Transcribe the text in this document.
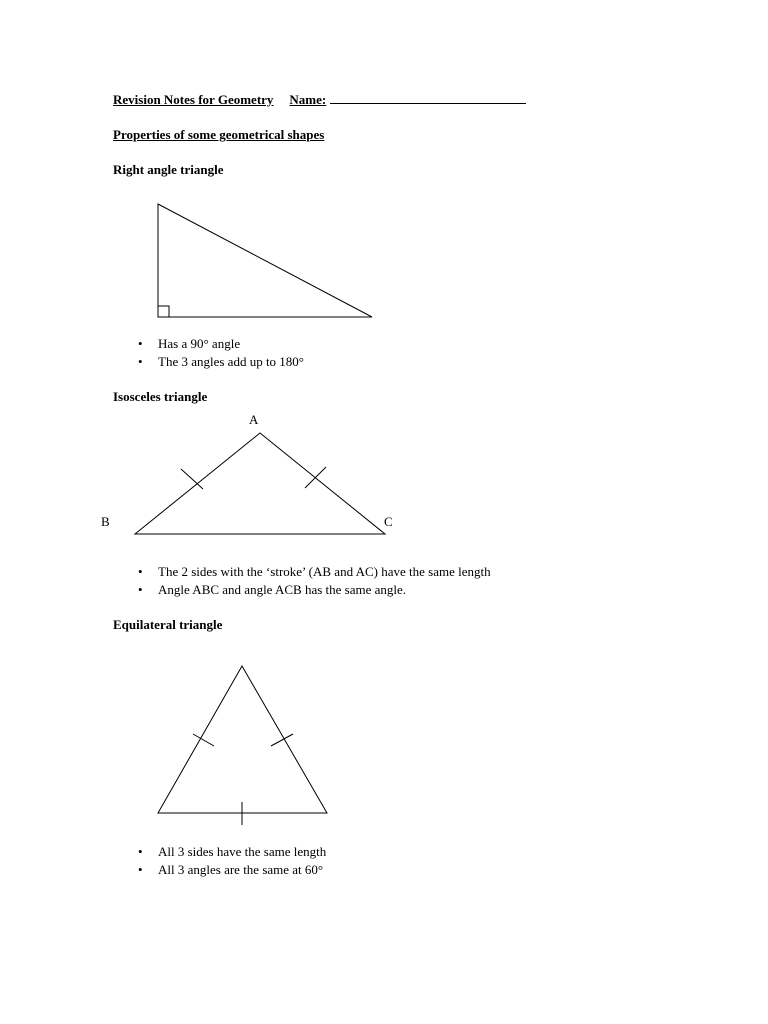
Revision Notes for Geometry Name:
Properties of some geometrical shapes
Right angle triangle
A
B	C
• Has a 90° angle
• The 3 angles add up to 180°
Isosceles triangle
• The 2 sides with the ‘stroke’ (AB and AC) have the same length
• Angle ABC and angle ACB has the same angle.
Equilateral triangle
• All 3 sides have the same length
• All 3 angles are the same at 60°
